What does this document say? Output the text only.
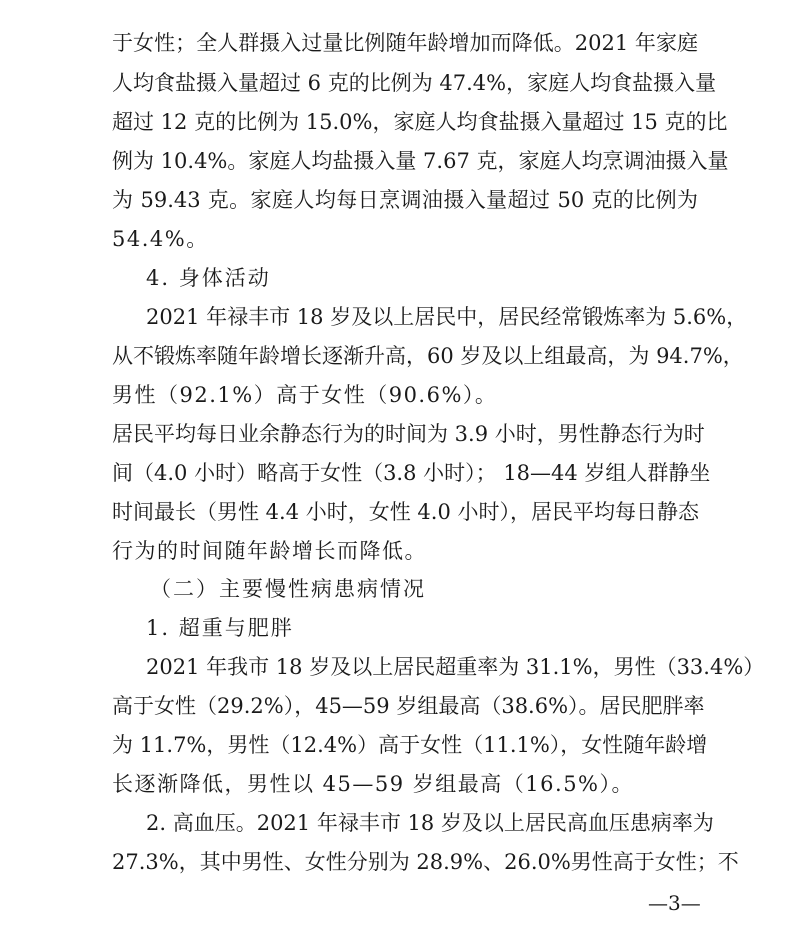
于女性；全人群摄入过量比例随年龄增加而降低。2021 年家庭
人均食盐摄入量超过 6 克的比例为 47.4%，家庭人均食盐摄入量
超过 12 克的比例为 15.0%，家庭人均食盐摄入量超过 15 克的比
例为 10.4%。家庭人均盐摄入量 7.67 克，家庭人均烹调油摄入量
为 59.43 克。家庭人均每日烹调油摄入量超过 50 克的比例为
54.4%。
4. 身体活动
2021 年禄丰市 18 岁及以上居民中，居民经常锻炼率为 5.6%，
从不锻炼率随年龄增长逐渐升高，60 岁及以上组最高，为 94.7%，
男性（92.1%）高于女性（90.6%）。
居民平均每日业余静态行为的时间为 3.9 小时，男性静态行为时
间（4.0 小时）略高于女性（3.8 小时）； 18—44 岁组人群静坐
时间最长（男性 4.4 小时，女性 4.0 小时），居民平均每日静态
行为的时间随年龄增长而降低。
（二）主要慢性病患病情况
1. 超重与肥胖
2021 年我市 18 岁及以上居民超重率为 31.1%，男性（33.4%）
高于女性（29.2%），45—59 岁组最高（38.6%）。居民肥胖率
为 11.7%，男性（12.4%）高于女性（11.1%），女性随年龄增
长逐渐降低，男性以 45—59 岁组最高（16.5%）。
2. 高血压。2021 年禄丰市 18 岁及以上居民高血压患病率为
27.3%，其中男性、女性分别为 28.9%、26.0%男性高于女性；不
—3—
